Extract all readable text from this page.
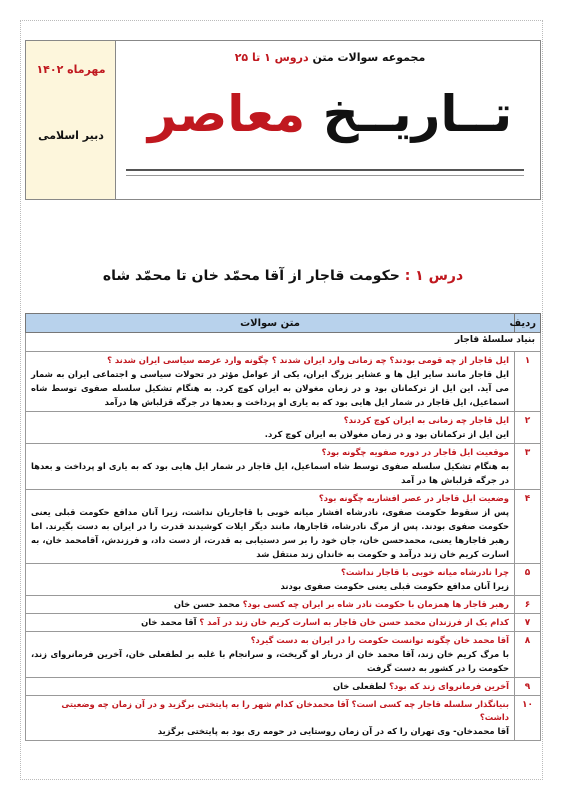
مهرماه ۱۴۰۲
دبیر اسلامی
مجموعه سوالات متن دروس ۱ تا ۲۵
تــاریــخ معاصر
درس ۱ : حکومت قاجار از آقا محمّد خان تا محمّد شاه
ردیف	متن سوالات
بنیاد سلسلهٔ قاجار	
۱	ایل قاجار از چه قومی بودند؟ چه زمانی وارد ایران شدند ؟ چگونه وارد عرصه سیاسی ایران شدند ؟
ایل قاجار مانند سایر ایل ها و عشایر بزرگ ایران، یکی از عوامل مؤثر در تحولات سیاسی و اجتماعی ایران به شمار می آید. این ایل از ترکمانان بود و در زمان مغولان به ایران کوچ کرد. به هنگام تشکیل سلسله صفوی توسط شاه اسماعیل، ایل قاجار در شمار ایل هایی بود که به یاری او پرداخت و بعدها در جرگه قزلباش ها درآمد

۲	ایل قاجار چه زمانی به ایران کوچ کردند؟
این ایل از ترکمانان بود و در زمان مغولان به ایران کوچ کرد.

۳	موقعیت ایل قاجار در دوره صفویه چگونه بود؟
به هنگام تشکیل سلسله صفوی توسط شاه اسماعیل، ایل قاجار در شمار ایل هایی بود که به یاری او پرداخت و بعدها در جرگه قزلباش ها در آمد

۴	وضعیت ایل قاجار در عصر افشاریه چگونه بود؟
پس از سقوط حکومت صفوی، نادرشاه افشار میانه خوبی با قاجاریان نداشت، زیرا آنان مدافع حکومت قبلی یعنی حکومت صفوی بودند. پس از مرگ نادرشاه، قاجارها، مانند دیگر ایلات کوشیدند قدرت را در ایران به دست بگیرند. اما رهبر قاجارها یعنی، محمدحسن خان، جان خود را بر سر دستیابی به قدرت، از دست داد، و فرزندش، آقامحمد خان، به اسارت کریم خان زند درآمد و حکومت به خاندان زند منتقل شد

۵	چرا نادرشاه میانه خوبی با قاجار نداشت؟
زیرا آنان مدافع حکومت قبلی یعنی حکومت صفوی بودند

۶	رهبر قاجار ها همزمان با حکومت نادر شاه بر ایران چه کسی بود؟ محمد حسن خان

۷	کدام یک از فرزندان محمد حسن خان قاجار به اسارت کریم خان زند در آمد ؟ آقا محمد خان

۸	آقا محمد خان چگونه توانست حکومت را در ایران به دست گیرد؟
با مرگ کریم خان زند، آقا محمد خان از دربار او گریخت، و سرانجام با غلبه بر لطفعلی خان، آخرین فرمانروای زند، حکومت را در کشور به دست گرفت

۹	آخرین فرمانروای زند که بود؟ لطفعلی خان

۱۰	بنیانگذار سلسله قاجار چه کسی است؟ آقا محمدخان کدام شهر را به پایتختی برگزید و در آن زمان چه وضعیتی داشت؟
آقا محمدخان- وی تهران را که در آن زمان روستایی در حومه ری بود به پایتختی برگزید
